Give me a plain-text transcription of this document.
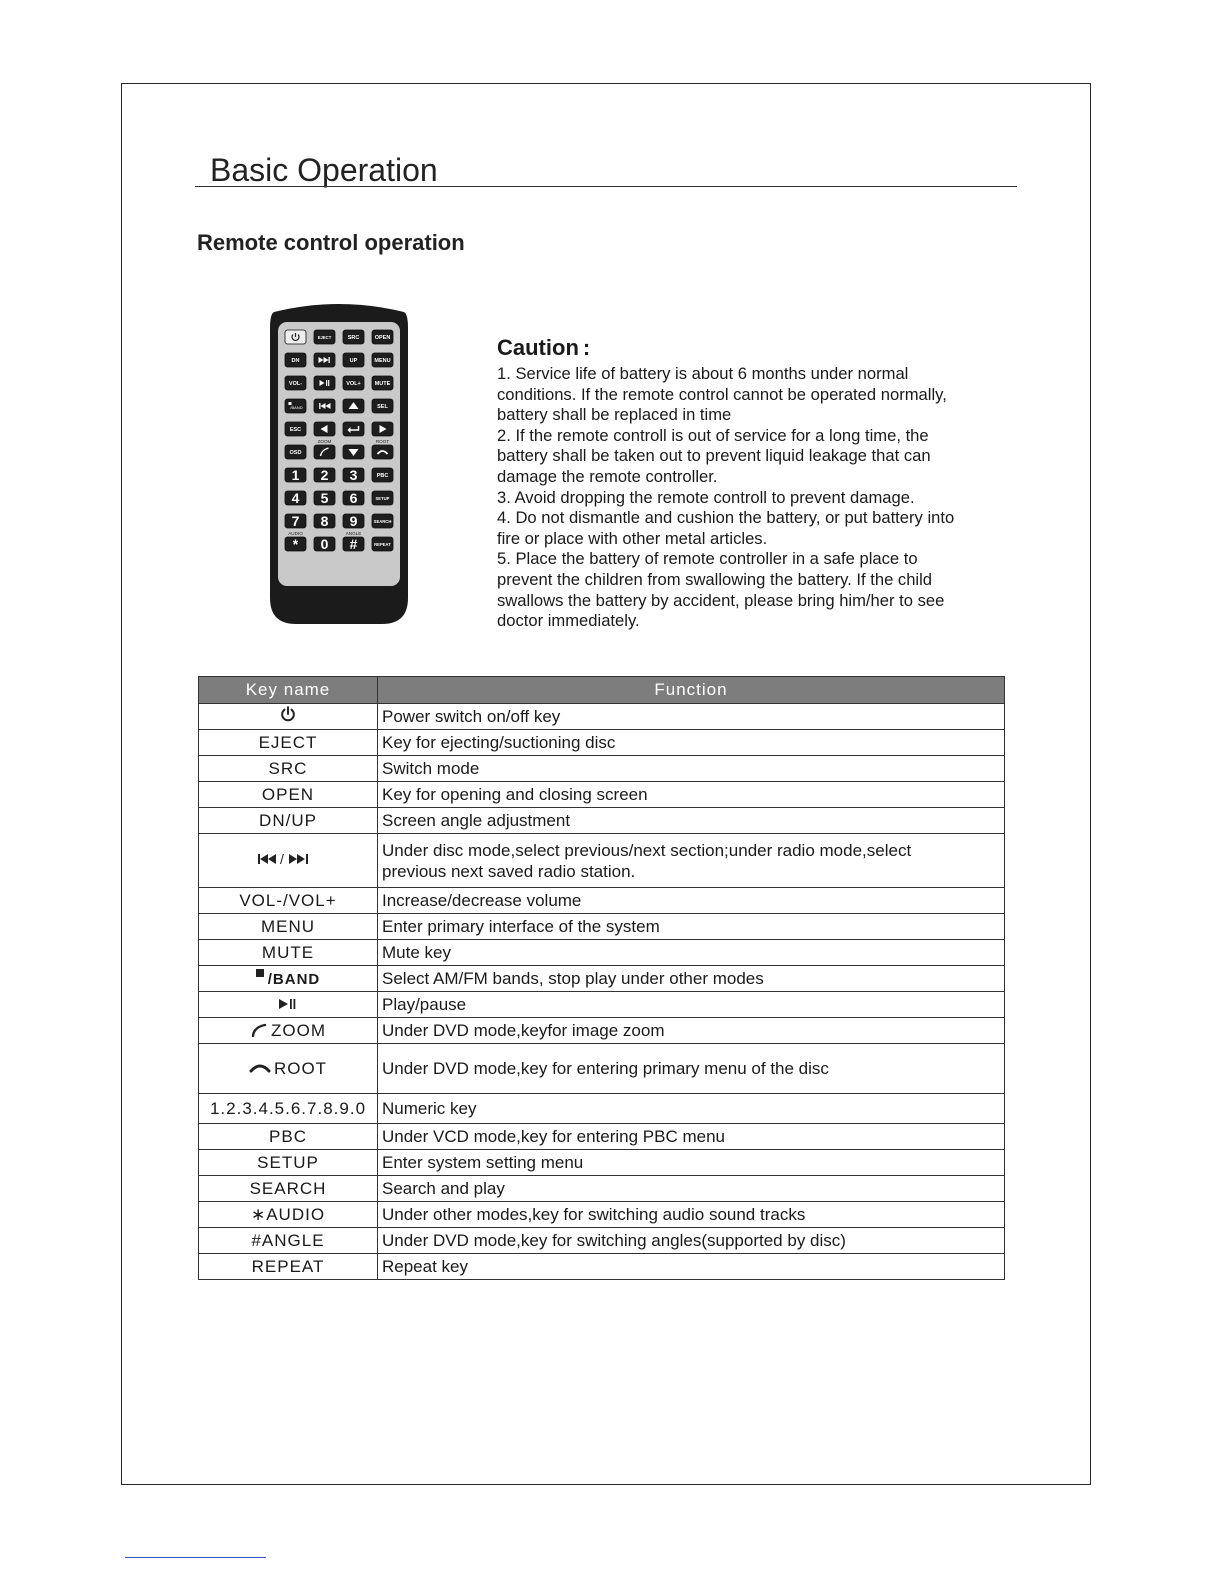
Basic Operation
Remote control operation
EJECT	SRC	OPEN
DN	UP	MENU
VOL-	VOL+	MUTE
/BAND	SEL
ESC
OSD
1 2 3	PBC
4 5 6	SETUP
7 8 9	SEARCH
* 0 #	REPEAT
ZOOM	ROOT
AUDIO	ANGLE
Caution :
1. Service life of battery is about 6 months under normal
conditions. If the remote control cannot be operated normally,
battery shall be replaced in time
2. If the remote controll is out of service for a long time, the
battery shall be taken out to prevent liquid leakage that can
damage the remote controller.
3. Avoid dropping the remote controll to prevent damage.
4. Do not dismantle and cushion the battery, or put battery into
fire or place with other metal articles.
5. Place the battery of remote controller in a safe place to
prevent the children from swallowing the battery. If the child
swallows the battery by accident, please bring him/her to see
doctor immediately.
Key name	Function
	Power switch on/off key
EJECT	Key for ejecting/suctioning disc
SRC	Switch mode
OPEN	Key for opening and closing screen
DN/UP	Screen angle adjustment

/	Under disc mode,select previous/next section;under radio mode,select previous next saved radio station.
VOL-/VOL+	Increase/decrease volume
MENU	Enter primary interface of the system
MUTE	Mute key
/BAND	Select AM/FM bands, stop play under other modes
	Play/pause
ZOOM	Under DVD mode,keyfor image zoom
ROOT	Under DVD mode,key for entering primary menu of the disc
1.2.3.4.5.6.7.8.9.0	Numeric key
PBC	Under VCD mode,key for entering PBC menu
SETUP	Enter system setting menu
SEARCH	Search and play
∗AUDIO	Under other modes,key for switching audio sound tracks
#ANGLE	Under DVD mode,key for switching angles(supported by disc)
REPEAT	Repeat key
